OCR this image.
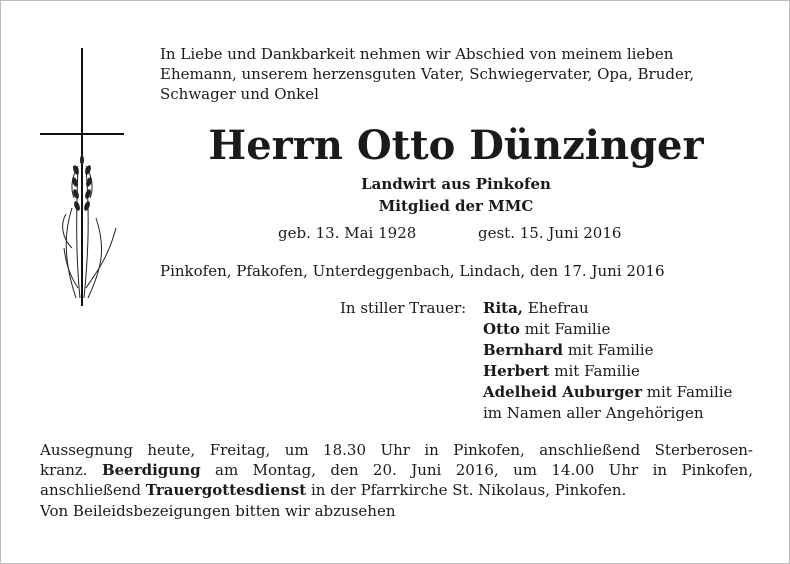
In Liebe und Dankbarkeit nehmen wir Abschied von meinem lieben
Ehemann, unserem herzensguten Vater, Schwiegervater, Opa, Bruder,
Schwager und Onkel
Herrn Otto Dünzinger
Landwirt aus Pinkofen
Mitglied der MMC
geb. 13. Mai 1928	gest. 15. Juni 2016
Pinkofen, Pfakofen, Unterdeggenbach, Lindach, den 17. Juni 2016
In stiller Trauer: Rita, Ehefrau
Otto mit Familie
Bernhard mit Familie
Herbert mit Familie
Adelheid Auburger mit Familie
im Namen aller Angehörigen
Aussegnung heute, Freitag, um 18.30 Uhr in Pinkofen, anschließend Sterberosen-
kranz. Beerdigung am Montag, den 20. Juni 2016, um 14.00 Uhr in Pinkofen,
anschließend Trauergottesdienst in der Pfarrkirche St. Nikolaus, Pinkofen.
Von Beileidsbezeigungen bitten wir abzusehen
